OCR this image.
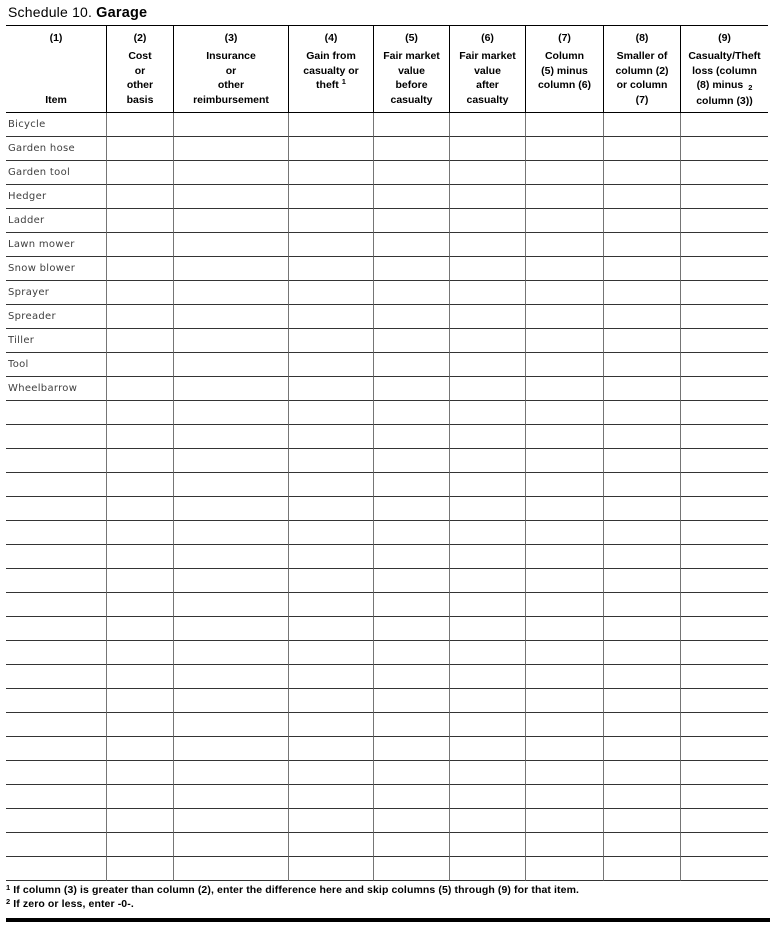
Schedule 10. Garage
(1)
Item
(2)
Cost
or
other
basis
(3)
Insurance
or
other
reimbursement
(4)
Gain from
casualty or
theft $^1$
(5)
Fair market
value
before
casualty
(6)
Fair market
value
after
casualty
(7)
Column
(5) minus
column (6)
(8)
Smaller of
column (2)
or column
(7)
(9)
Casualty/Theft
loss (column
(8) minus 2
column (3))
Bicycle
Garden hose
Garden tool
Hedger
Ladder
Lawn mower
Snow blower
Sprayer
Spreader
Tiller
Tool
Wheelbarrow
$^1$ If column (3) is greater than column (2), enter the difference here and skip columns (5) through (9) for that item.
$^2$ If zero or less, enter -0-.
